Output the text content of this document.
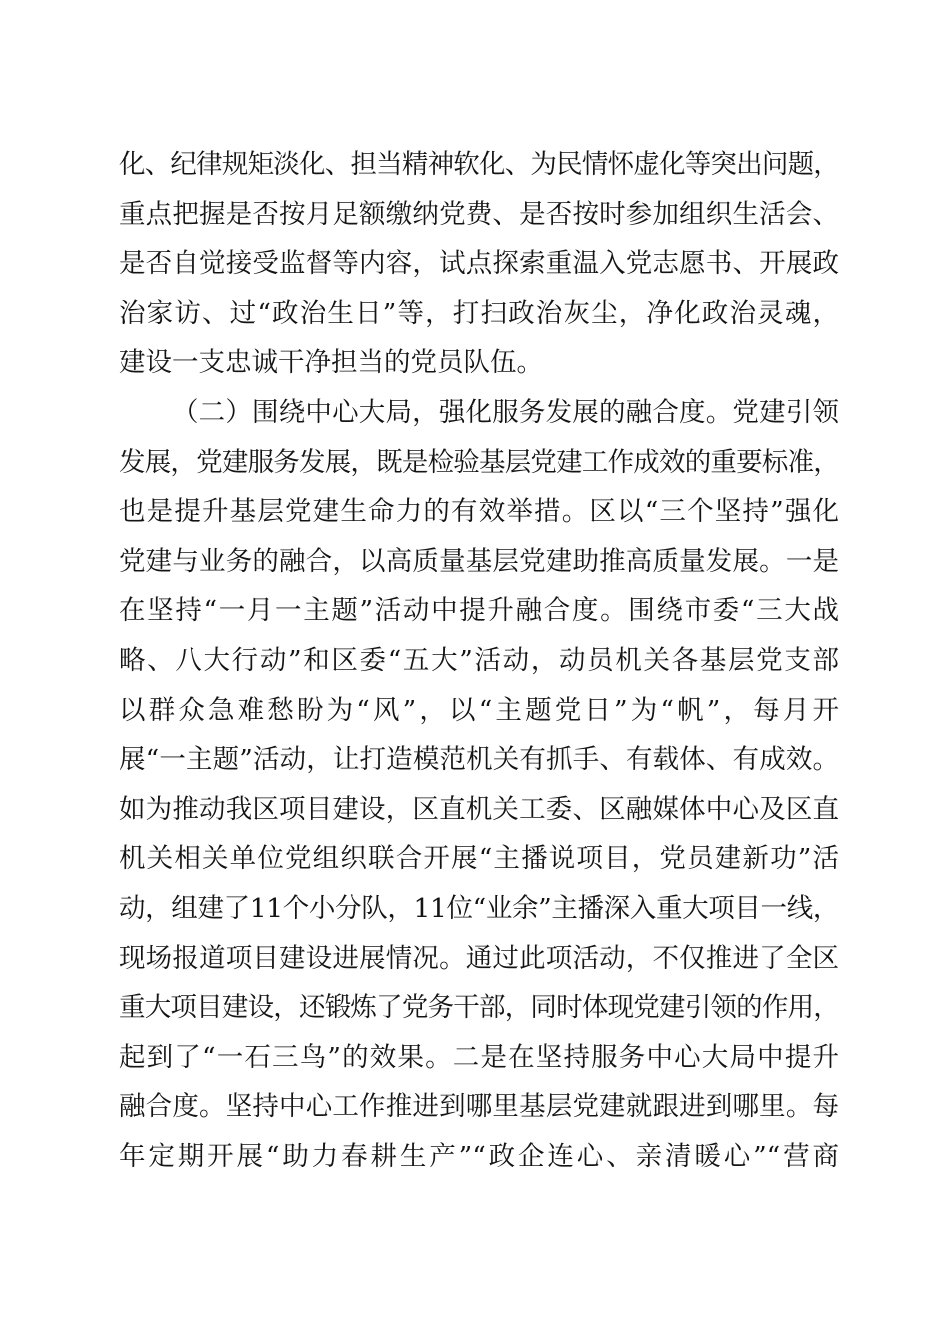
化、纪律规矩淡化、担当精神软化、为民情怀虚化等突出问题，
重点把握是否按月足额缴纳党费、是否按时参加组织生活会、
是否自觉接受监督等内容，试点探索重温入党志愿书、开展政
治家访、过“政治生日”等，打扫政治灰尘，净化政治灵魂，
建设一支忠诚干净担当的党员队伍。
（二）围绕中心大局，强化服务发展的融合度。党建引领
发展，党建服务发展，既是检验基层党建工作成效的重要标准，
也是提升基层党建生命力的有效举措。区以“三个坚持”强化
党建与业务的融合，以高质量基层党建助推高质量发展。一是
在坚持“一月一主题”活动中提升融合度。围绕市委“三大战
略、八大行动”和区委“五大”活动，动员机关各基层党支部
以群众急难愁盼为“风”，以“主题党日”为“帆”，每月开
展“一主题”活动，让打造模范机关有抓手、有载体、有成效。
如为推动我区项目建设，区直机关工委、区融媒体中心及区直
机关相关单位党组织联合开展“主播说项目，党员建新功”活
动，组建了11个小分队，11位“业余”主播深入重大项目一线，
现场报道项目建设进展情况。通过此项活动，不仅推进了全区
重大项目建设，还锻炼了党务干部，同时体现党建引领的作用，
起到了“一石三鸟”的效果。二是在坚持服务中心大局中提升
融合度。坚持中心工作推进到哪里基层党建就跟进到哪里。每
年定期开展“助力春耕生产”“政企连心、亲清暖心”“营商
